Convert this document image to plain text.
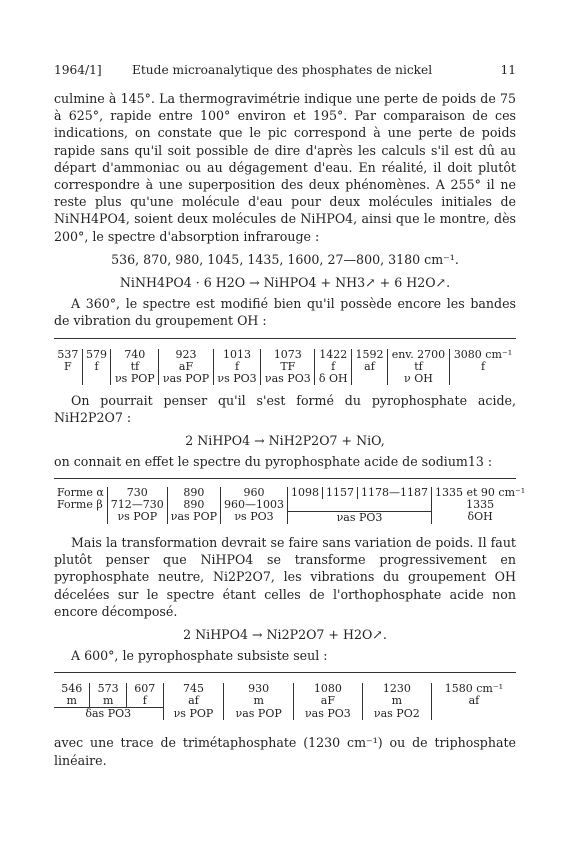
1964/1]	Etude microanalytique des phosphates de nickel	11

culmine à 145°. La thermogravimétrie indique une perte de poids de 75 à 625°, rapide entre 100° environ et 195°. Par comparaison de ces indications, on constate que le pic correspond à une perte de poids rapide sans qu'il soit possible de dire d'après les calculs s'il est dû au départ d'ammoniac ou au dégagement d'eau. En réalité, il doit plutôt correspondre à une superposition des deux phénomènes. A 255° il ne reste plus qu'une molécule d'eau pour deux molécules initiales de NiNH4PO4, soient deux molécules de NiHPO4, ainsi que le montre, dès 200°, le spectre d'absorption infrarouge :

536, 870, 980, 1045, 1435, 1600, 27—800, 3180 cm⁻¹.

NiNH4PO4 · 6 H2O → NiHPO4 + NH3↗ + 6 H2O↗.

A 360°, le spectre est modifié bien qu'il possède encore les bandes de vibration du groupement OH :

537	579	740	923	1013	1073	1422	1592	env. 2700	3080 cm⁻¹
F	f	tf	aF	f	TF	f	af	tf	f
		νs POP	νas POP	νs PO3	νas PO3	δ OH		ν OH	

On pourrait penser qu'il s'est formé du pyrophosphate acide, NiH2P2O7 :

2 NiHPO4 → NiH2P2O7 + NiO,

on connait en effet le spectre du pyrophosphate acide de sodium13 :

Forme α	730	890	960	1098	1157	1178—1187	1335 et 90 cm⁻¹
Forme β	712—730	890	960—1003				1335
	νs POP	νas POP	νs PO3	νas PO3			δOH

Mais la transformation devrait se faire sans variation de poids. Il faut plutôt penser que NiHPO4 se transforme progressivement en pyrophosphate neutre, Ni2P2O7, les vibrations du groupement OH décelées sur le spectre étant celles de l'orthophosphate acide non encore décomposé.

2 NiHPO4 → Ni2P2O7 + H2O↗.

A 600°, le pyrophosphate subsiste seul :

546	573	607	745	930	1080	1230	1580 cm⁻¹
m	m	f	af	m	aF	m	af
δas PO3			νs POP	νas POP	νas PO3	νas PO2	

avec une trace de trimétaphosphate (1230 cm⁻¹) ou de triphosphate linéaire.
